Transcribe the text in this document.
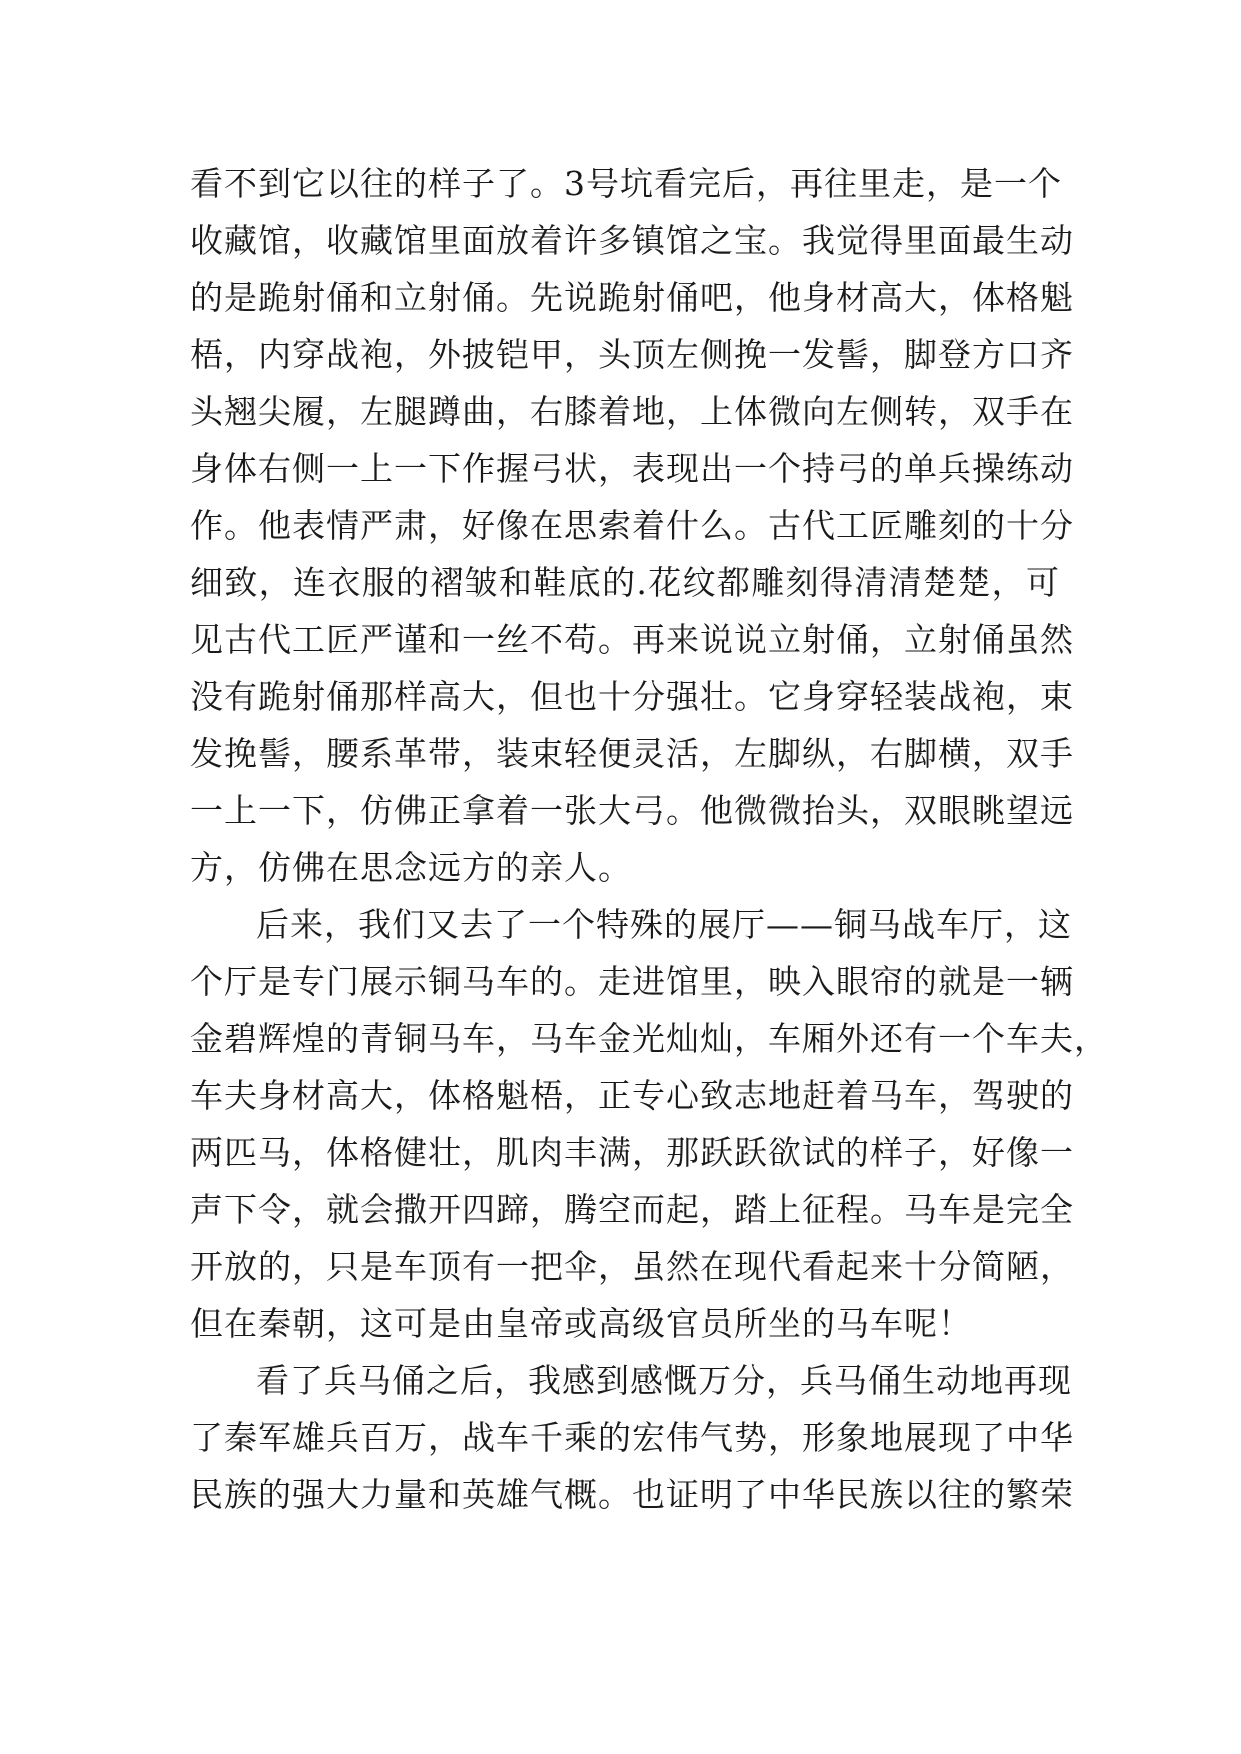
看不到它以往的样子了。3号坑看完后，再往里走，是一个
收藏馆，收藏馆里面放着许多镇馆之宝。我觉得里面最生动
的是跪射俑和立射俑。先说跪射俑吧，他身材高大，体格魁
梧，内穿战袍，外披铠甲，头顶左侧挽一发髻，脚登方口齐
头翘尖履，左腿蹲曲，右膝着地，上体微向左侧转，双手在
身体右侧一上一下作握弓状，表现出一个持弓的单兵操练动
作。他表情严肃，好像在思索着什么。古代工匠雕刻的十分
细致，连衣服的褶皱和鞋底的.花纹都雕刻得清清楚楚，可
见古代工匠严谨和一丝不苟。再来说说立射俑，立射俑虽然
没有跪射俑那样高大，但也十分强壮。它身穿轻装战袍，束
发挽髻，腰系革带，装束轻便灵活，左脚纵，右脚横，双手
一上一下，仿佛正拿着一张大弓。他微微抬头，双眼眺望远
方，仿佛在思念远方的亲人。
后来，我们又去了一个特殊的展厅——铜马战车厅，这
个厅是专门展示铜马车的。走进馆里，映入眼帘的就是一辆
金碧辉煌的青铜马车，马车金光灿灿，车厢外还有一个车夫，
车夫身材高大，体格魁梧，正专心致志地赶着马车，驾驶的
两匹马，体格健壮，肌肉丰满，那跃跃欲试的样子，好像一
声下令，就会撒开四蹄，腾空而起，踏上征程。马车是完全
开放的，只是车顶有一把伞，虽然在现代看起来十分简陋，
但在秦朝，这可是由皇帝或高级官员所坐的马车呢！
看了兵马俑之后，我感到感慨万分，兵马俑生动地再现
了秦军雄兵百万，战车千乘的宏伟气势，形象地展现了中华
民族的强大力量和英雄气概。也证明了中华民族以往的繁荣
